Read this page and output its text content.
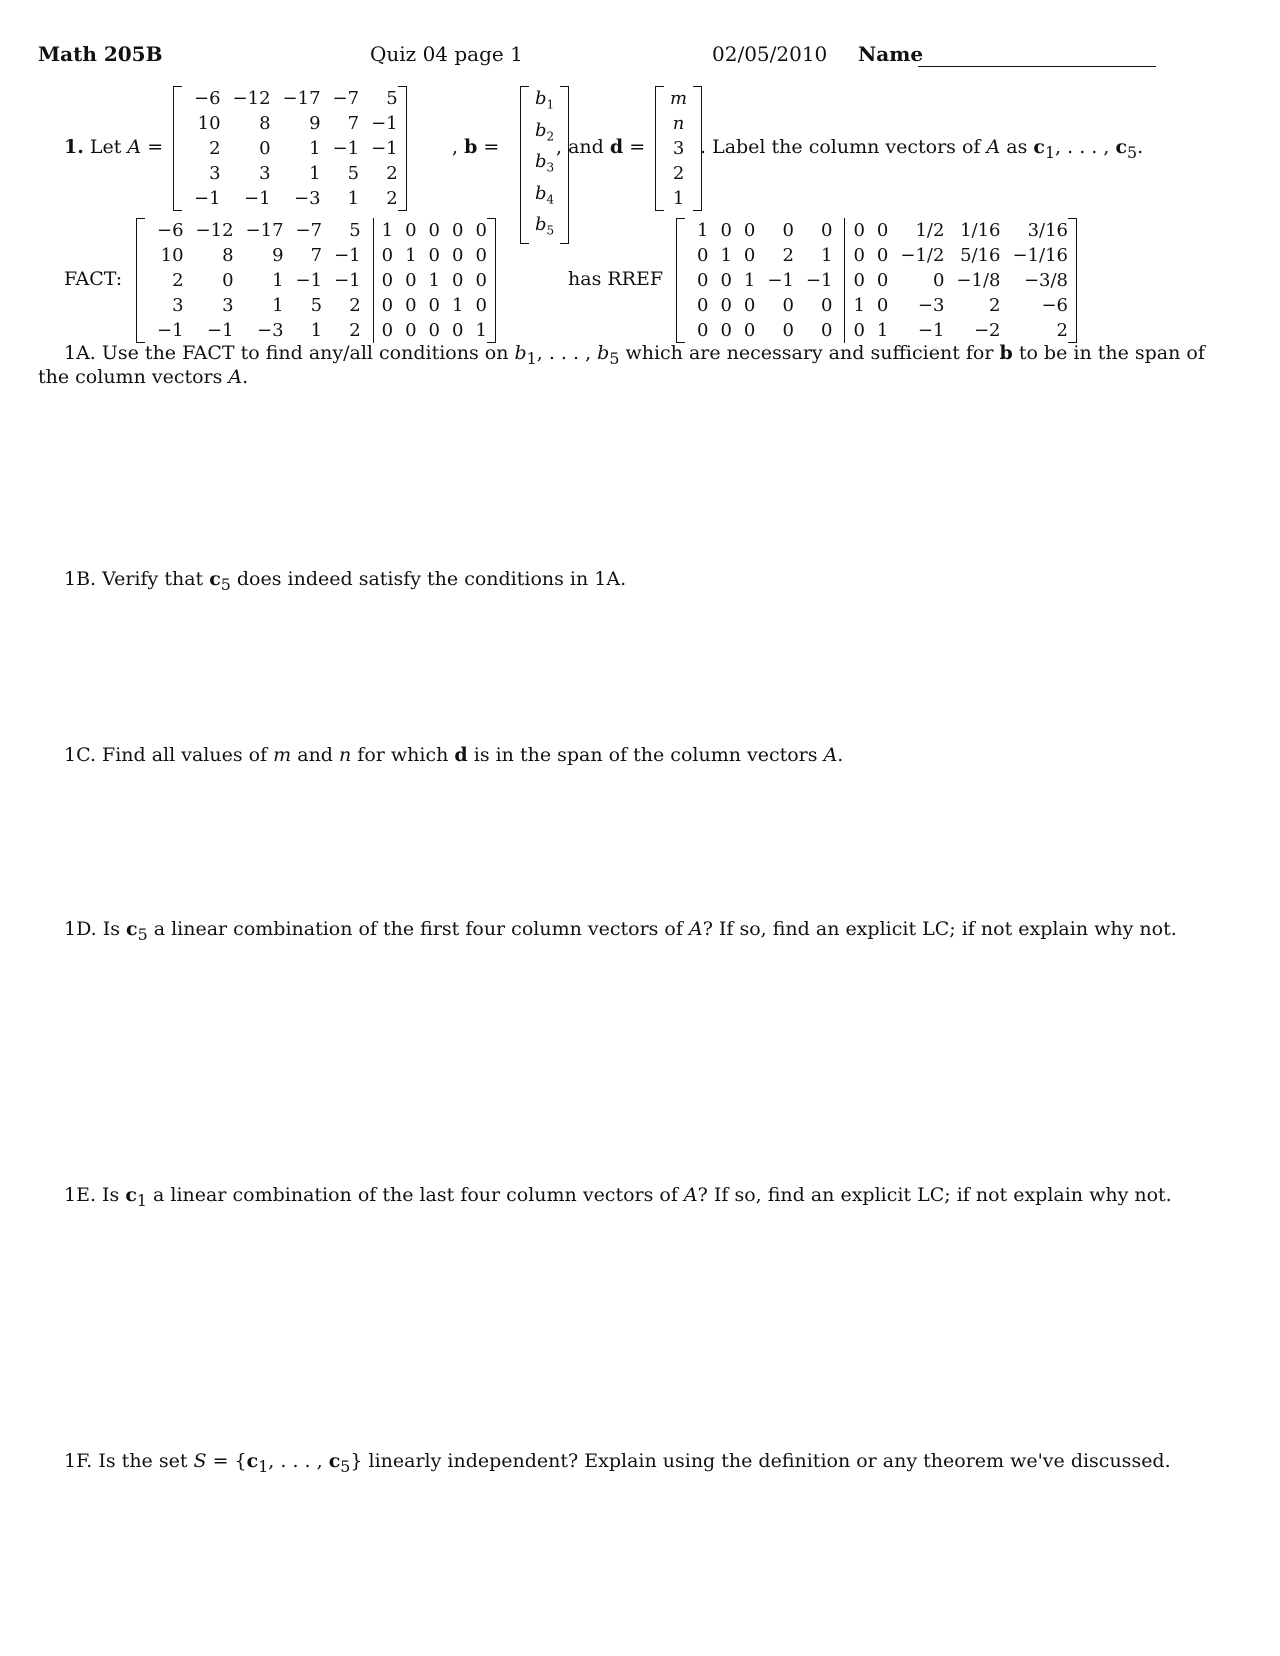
Math 205B	Quiz 04 page 1	02/05/2010 Name
1. Let A =
−6	−12	−17	−7	5
10	8	9	7	−1
2	0	1	−1	−1
3	3	1	5	2
−1	−1	−3	1	2
, b =
$b_1$
$b_2$
$b_3$
$b_4$
$b_5$
, and d =
m
n
3
2
1
. Label the column vectors of A as $c_1$, . . . , $c_5$.
FACT:
−6	−12	−17	−7	5	1	0	0	0	0
10	8	9	7	−1	0	1	0	0	0
2	0	1	−1	−1	0	0	1	0	0
3	3	1	5	2	0	0	0	1	0
−1	−1	−3	1	2	0	0	0	0	1
has RREF
1	0	0	0	0	0	0	1/2	1/16	3/16
0	1	0	2	1	0	0	−1/2	5/16	−1/16
0	0	1	−1	−1	0	0	0	−1/8	−3/8
0	0	0	0	0	1	0	−3	2	−6
0	0	0	0	0	0	1	−1	−2	2
1A. Use the FACT to find any/all conditions on $b_1$, . . . , $b_5$ which are necessary and sufficient for b to be in the span of
the column vectors A.
1B. Verify that $c_5$ does indeed satisfy the conditions in 1A.
1C. Find all values of m and n for which d is in the span of the column vectors A.
1D. Is $c_5$ a linear combination of the first four column vectors of A? If so, find an explicit LC; if not explain why not.
1E. Is $c_1$ a linear combination of the last four column vectors of A? If so, find an explicit LC; if not explain why not.
1F. Is the set $S = \{c_1$, . . . , $c_5$} linearly independent? Explain using the definition or any theorem we've discussed.
